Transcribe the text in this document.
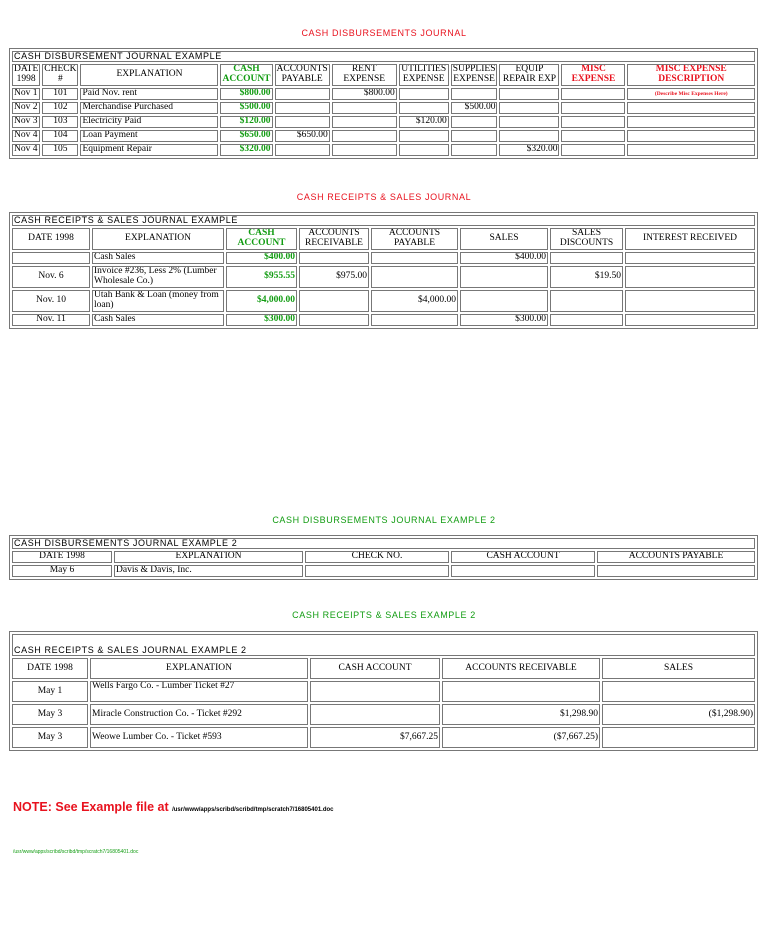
CASH DISBURSEMENTS JOURNAL
CASH DISBURSEMENT JOURNAL EXAMPLE										
DATE 1998	CHECK #	EXPLANATION	CASH ACCOUNT	ACCOUNTS PAYABLE	RENT EXPENSE	UTILITIES EXPENSE	SUPPLIES EXPENSE	EQUIP REPAIR EXP	MISC EXPENSE	MISC EXPENSE DESCRIPTION
Nov 1	101	Paid Nov. rent	$800.00		$800.00					(Describe Misc Expenses Here)
Nov 2	102	Merchandise Purchased	$500.00				$500.00			
Nov 3	103	Electricity Paid	$120.00			$120.00				
Nov 4	104	Loan Payment	$650.00	$650.00						
Nov 4	105	Equipment Repair	$320.00					$320.00		
CASH RECEIPTS & SALES JOURNAL
CASH RECEIPTS & SALES JOURNAL EXAMPLE							
DATE 1998	EXPLANATION	CASH ACCOUNT	ACCOUNTS RECEIVABLE	ACCOUNTS PAYABLE	SALES	SALES DISCOUNTS	INTEREST RECEIVED
	Cash Sales	$400.00			$400.00		
Nov. 6	Invoice #236, Less 2% (Lumber Wholesale Co.)	$955.55	$975.00			$19.50	
Nov. 10	Utah Bank & Loan (money from loan)	$4,000.00		$4,000.00			
Nov. 11	Cash Sales	$300.00			$300.00		
CASH DISBURSEMENTS JOURNAL EXAMPLE 2
CASH DISBURSEMENTS JOURNAL EXAMPLE 2				
DATE 1998	EXPLANATION	CHECK NO.	CASH ACCOUNT	ACCOUNTS PAYABLE
May 6	Davis & Davis, Inc.			
CASH RECEIPTS & SALES EXAMPLE 2
CASH RECEIPTS & SALES JOURNAL EXAMPLE 2				
DATE 1998	EXPLANATION	CASH ACCOUNT	ACCOUNTS RECEIVABLE	SALES
May 1	Wells Fargo Co. - Lumber Ticket #27			
May 3	Miracle Construction Co. - Ticket #292		$1,298.90	($1,298.90)
May 3	Weowe Lumber Co. - Ticket #593	$7,667.25	($7,667.25)	
NOTE: See Example file at /usr/www/apps/scribd/scribd/tmp/scratch7/16805401.doc
/usr/www/apps/scribd/scribd/tmp/scratch7/16805401.doc
